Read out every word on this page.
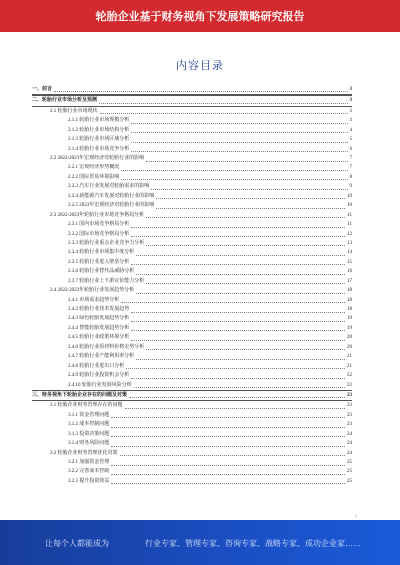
轮胎企业基于财务视角下发展策略研究报告
内容目录
一、前言	3
二、轮胎行业市场分析及预测	3
2.1 轮胎行业市场现状	3
2.1.1 轮胎行业市场规模分析	3
2.1.2 轮胎行业市场结构分析	4
2.1.3 轮胎行业市场区域分析	5
2.1.4 轮胎行业市场竞争分析	6
2.2 2022-2023年宏观经济对轮胎行业的影响	7
2.2.1 宏观经济形势概况	7
2.2.2 国际贸易环境影响	8
2.2.3 汽车行业发展对轮胎需求的影响	9
2.2.4 新能源汽车发展对轮胎行业的影响	10
2.2.5 2023年宏观经济对轮胎行业的影响	10
2.3 2022-2023年轮胎行业市场竞争格局分析	11
2.3.1 国内市场竞争格局分析	11
2.3.2 国际市场竞争格局分析	12
2.3.3 轮胎行业重点企业竞争力分析	13
2.3.4 轮胎行业市场集中度分析	14
2.3.5 轮胎行业进入壁垒分析	15
2.3.6 轮胎行业替代品威胁分析	16
2.3.7 轮胎行业上下游议价能力分析	17
2.4 2022-2023年轮胎行业发展趋势分析	18
2.4.1 市场需求趋势分析	18
2.4.2 轮胎行业技术发展趋势	18
2.4.3 绿色轮胎发展趋势分析	19
2.4.4 智能轮胎发展趋势分析	19
2.4.5 轮胎行业政策环境分析	20
2.4.6 轮胎行业原材料价格走势分析	20
2.4.7 轮胎行业产能利用率分析	21
2.4.8 轮胎行业进出口分析	21
2.4.9 轮胎行业投资机会分析	22
2.4.10 轮胎行业发展风险分析	22
三、财务视角下轮胎企业存在的问题及对策	23
3.1 轮胎企业财务管理存在的问题	23
3.1.1 资金管理问题	23
3.1.2 成本控制问题	23
3.1.3 投资决策问题	24
3.1.4 财务风险问题	24
3.2 轮胎企业财务管理优化对策	24
3.2.1 加强资金管理	25
3.2.2 完善成本控制	25
3.2.3 提升投资效益	25
2
让每个人都能成为	行业专家、管理专家、咨询专家、战略专家、成功企业家……
